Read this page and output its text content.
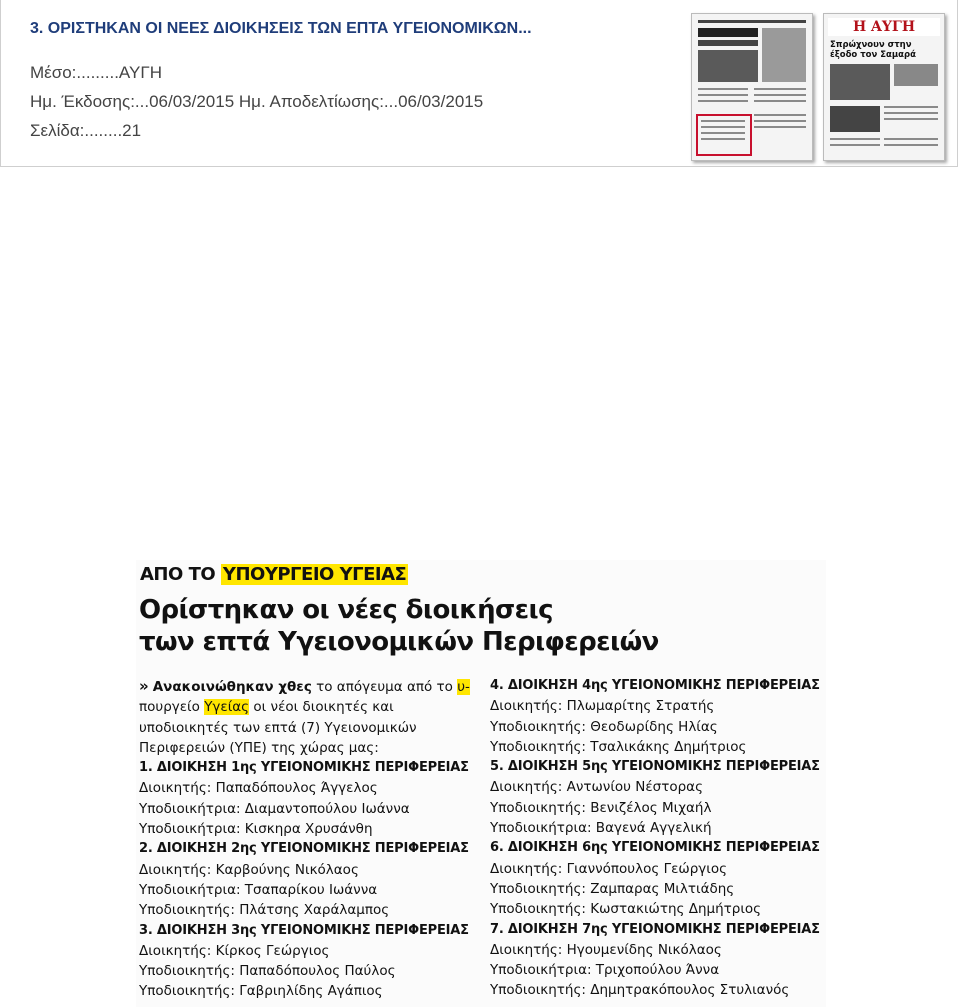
3. ΟΡΙΣΤΗΚΑΝ ΟΙ ΝΕΕΣ ΔΙΟΙΚΗΣΕΙΣ ΤΩΝ ΕΠΤΑ ΥΓΕΙΟΝΟΜΙΚΩΝ...
Μέσο:.........ΑΥΓΗ
Ημ. Έκδοσης:...06/03/2015 Ημ. Αποδελτίωσης:...06/03/2015
Σελίδα:........21
Η ΑΥΓΗ
Σπρώχνουν στην έξοδο τον Σαμαρά
ΑΠΟ ΤΟ ΥΠΟΥΡΓΕΙΟ ΥΓΕΙΑΣ
Ορίστηκαν οι νέες διοικήσεις
των επτά Υγειονομικών Περιφερειών
» Ανακοινώθηκαν χθες το απόγευμα από το υ-πουργείο Υγείας οι νέοι διοικητές και υποδιοικητές των επτά (7) Υγειονομικών Περιφερειών (ΥΠΕ) της χώρας μας:
1. ΔΙΟΙΚΗΣΗ 1ης ΥΓΕΙΟΝΟΜΙΚΗΣ ΠΕΡΙΦΕΡΕΙΑΣ
Διοικητής: Παπαδόπουλος Άγγελος
Υποδιοικήτρια: Διαμαντοπούλου Ιωάννα
Υποδιοικήτρια: Κισκηρα Χρυσάνθη
2. ΔΙΟΙΚΗΣΗ 2ης ΥΓΕΙΟΝΟΜΙΚΗΣ ΠΕΡΙΦΕΡΕΙΑΣ
Διοικητής: Καρβούνης Νικόλαος
Υποδιοικήτρια: Τσαπαρίκου Ιωάννα
Υποδιοικητής: Πλάτσης Χαράλαμπος
3. ΔΙΟΙΚΗΣΗ 3ης ΥΓΕΙΟΝΟΜΙΚΗΣ ΠΕΡΙΦΕΡΕΙΑΣ
Διοικητής: Κίρκος Γεώργιος
Υποδιοικητής: Παπαδόπουλος Παύλος
Υποδιοικητής: Γαβριηλίδης Αγάπιος
4. ΔΙΟΙΚΗΣΗ 4ης ΥΓΕΙΟΝΟΜΙΚΗΣ ΠΕΡΙΦΕΡΕΙΑΣ
Διοικητής: Πλωμαρίτης Στρατής
Υποδιοικητής: Θεοδωρίδης Ηλίας
Υποδιοικητής: Τσαλικάκης Δημήτριος
5. ΔΙΟΙΚΗΣΗ 5ης ΥΓΕΙΟΝΟΜΙΚΗΣ ΠΕΡΙΦΕΡΕΙΑΣ
Διοικητής: Αντωνίου Νέστορας
Υποδιοικητής: Βενιζέλος Μιχαήλ
Υποδιοικήτρια: Βαγενά Αγγελική
6. ΔΙΟΙΚΗΣΗ 6ης ΥΓΕΙΟΝΟΜΙΚΗΣ ΠΕΡΙΦΕΡΕΙΑΣ
Διοικητής: Γιαννόπουλος Γεώργιος
Υποδιοικητής: Ζαμπαρας Μιλτιάδης
Υποδιοικητής: Κωστακιώτης Δημήτριος
7. ΔΙΟΙΚΗΣΗ 7ης ΥΓΕΙΟΝΟΜΙΚΗΣ ΠΕΡΙΦΕΡΕΙΑΣ
Διοικητής: Ηγουμενίδης Νικόλαος
Υποδιοικήτρια: Τριχοπούλου Άννα
Υποδιοικητής: Δημητρακόπουλος Στυλιανός
